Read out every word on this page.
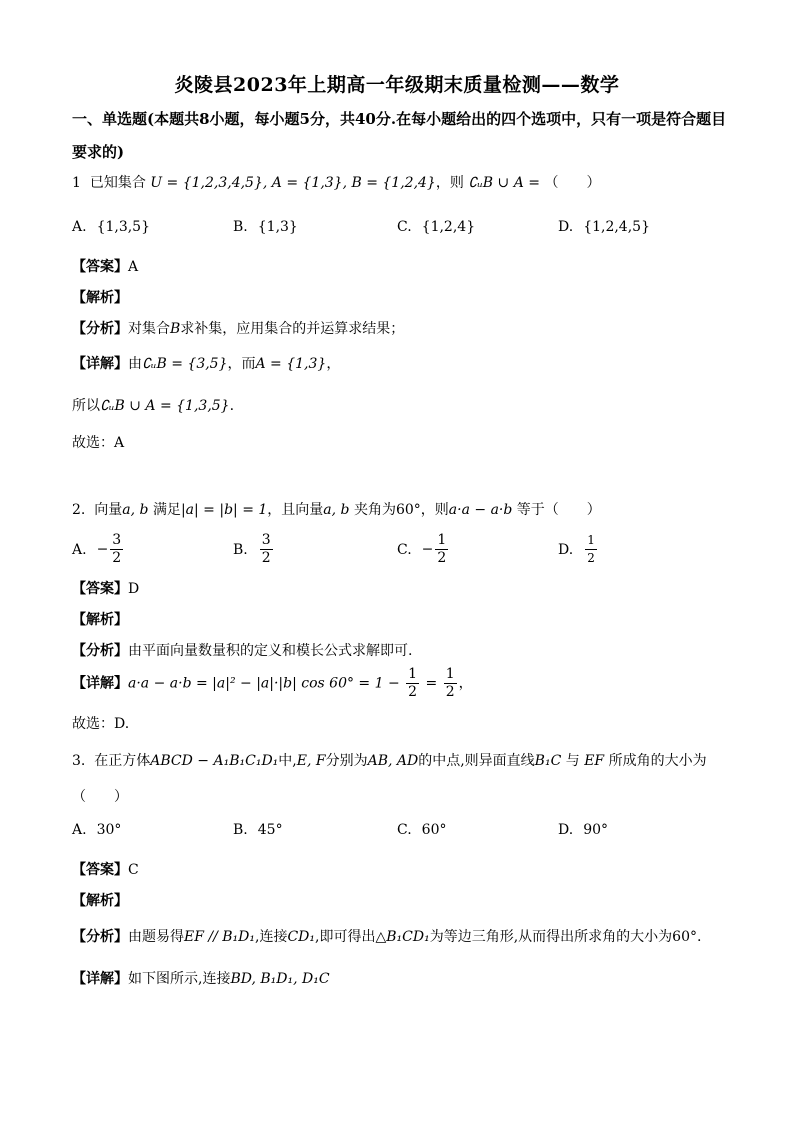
炎陵县2023年上期高一年级期末质量检测——数学
一、单选题(本题共8小题，每小题5分，共40分.在每小题给出的四个选项中，只有一项是符合题目要求的)
1 已知集合 U = {1,2,3,4,5}, A = {1,3}, B = {1,2,4}，则 ∁ᵤB ∪ A = （　　）
A. {1,3,5}	B. {1,3}	C. {1,2,4}	D. {1,2,4,5}
【答案】A
【解析】
【分析】对集合B求补集，应用集合的并运算求结果；
【详解】由∁ᵤB = {3,5}，而A = {1,3}，
所以∁ᵤB ∪ A = {1,3,5}.
故选：A
2. 向量a, b 满足|a| = |b| = 1，且向量a, b 夹角为60°，则a·a − a·b 等于（　　）
A. − $\frac{3}{2}$	B. $\frac{3}{2}$	C. − $\frac{1}{2}$	D. $\frac{1}{2}$
【答案】D
【解析】
【分析】由平面向量数量积的定义和模长公式求解即可.
【详解】a·a − a·b = |a|² − |a|·|b| $\cos 60^\circ = 1 - \frac{1}{2} = \frac{1}{2}$ ，
故选：D.
3. 在正方体ABCD − A₁B₁C₁D₁中,E, F分别为AB, AD的中点,则异面直线B₁C 与 EF 所成角的大小为
（　　）
A. 30°	B. 45°	C. 60°	D. 90°
【答案】C
【解析】
【分析】由题易得EF // B₁D₁,连接CD₁,即可得出△B₁CD₁为等边三角形,从而得出所求角的大小为60°.
【详解】如下图所示,连接BD, B₁D₁, D₁C
